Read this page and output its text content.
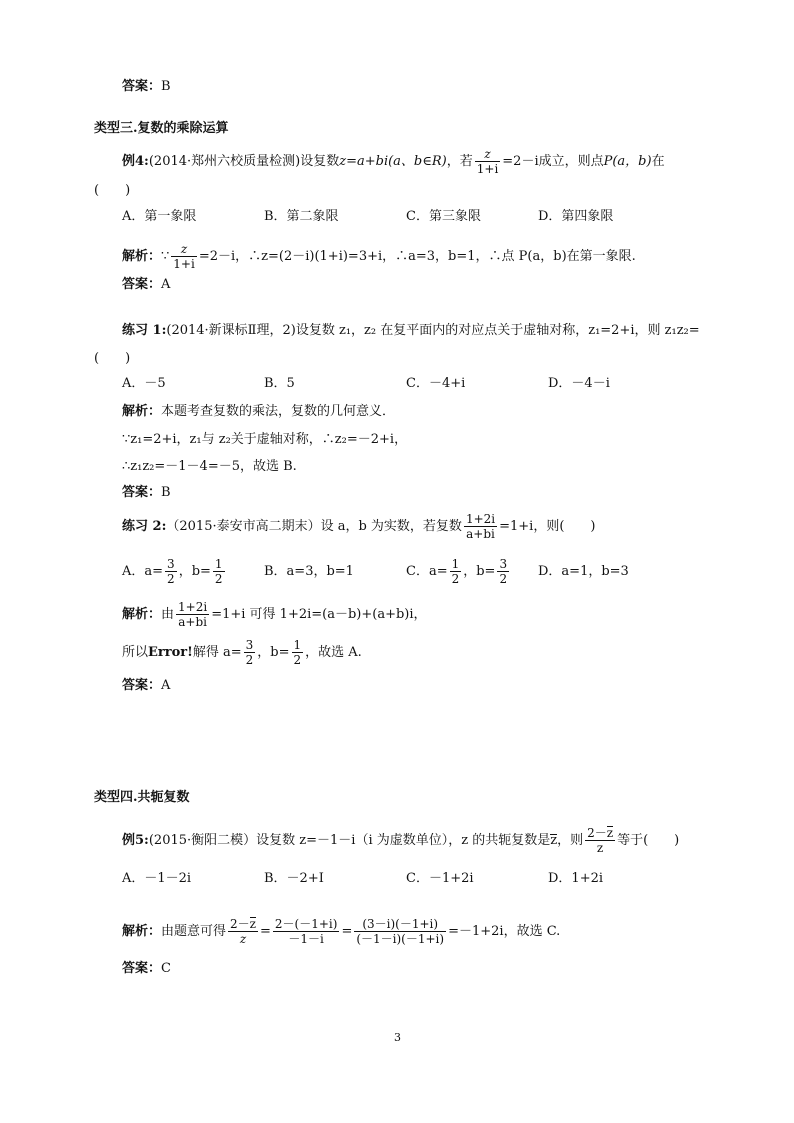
答案：B
类型三.复数的乘除运算
例4:(2014·郑州六校质量检测)设复数z=a+bi(a、b∈R)，若 $\frac{z}{1+i} =2-i$成立，则点P(a，b)在
(　　)
A．第一象限	B．第二象限	C．第三象限	D．第四象限
解析：∵ $\frac{z}{1+i} =2-i$，∴z=(2－i)(1+i)=3+i，∴a=3，b=1，∴点 P(a，b)在第一象限.
答案：A
练习 1:(2014·新课标Ⅱ理，2)设复数 z₁，z₂ 在复平面内的对应点关于虚轴对称，z₁=2+i，则 z₁z₂=
(　　)
A．－5	B．5	C．－4+i	D．－4－i
解析：本题考查复数的乘法，复数的几何意义．
∵z₁=2+i，z₁与 z₂关于虚轴对称，∴z₂=－2+i，
∴z₁z₂=－1－4=－5，故选 B.
答案：B
练习 2:（2015·泰安市高二期末）设 a，b 为实数，若复数 $\frac{1+2i}{a+bi} =1+i$，则(　　)
A．$a= \frac{3}{2}$ ，$b= \frac{1}{2}$	B．a=3，b=1	C．$a= \frac{1}{2}$ ，$b= \frac{3}{2}$ D．a=1，b=3
解析：由 $\frac{1+2i}{a+bi} =1+i$ 可得 1+2i=(a－b)+(a+b)i，
所以Error!解得 $a= \frac{3}{2}$ ，$b= \frac{1}{2}$ ，故选 A.
答案：A
类型四.共轭复数
例5:(2015·衡阳二模）设复数 z=－1－i（i 为虚数单位），z 的共轭复数是z，则 $\frac{2-z}{z}$ 等于(　　)
A．－1－2i	B．－2+I	C．－1+2i	D．1+2i
解析：由题意可得 $\frac{2-z}{z} = \frac{2-(-1+i)}{-1-i} = \frac{(3-i)(-1+i)}{(-1-i)(-1+i)} =-1+2i$，故选 C.
答案：C
3
